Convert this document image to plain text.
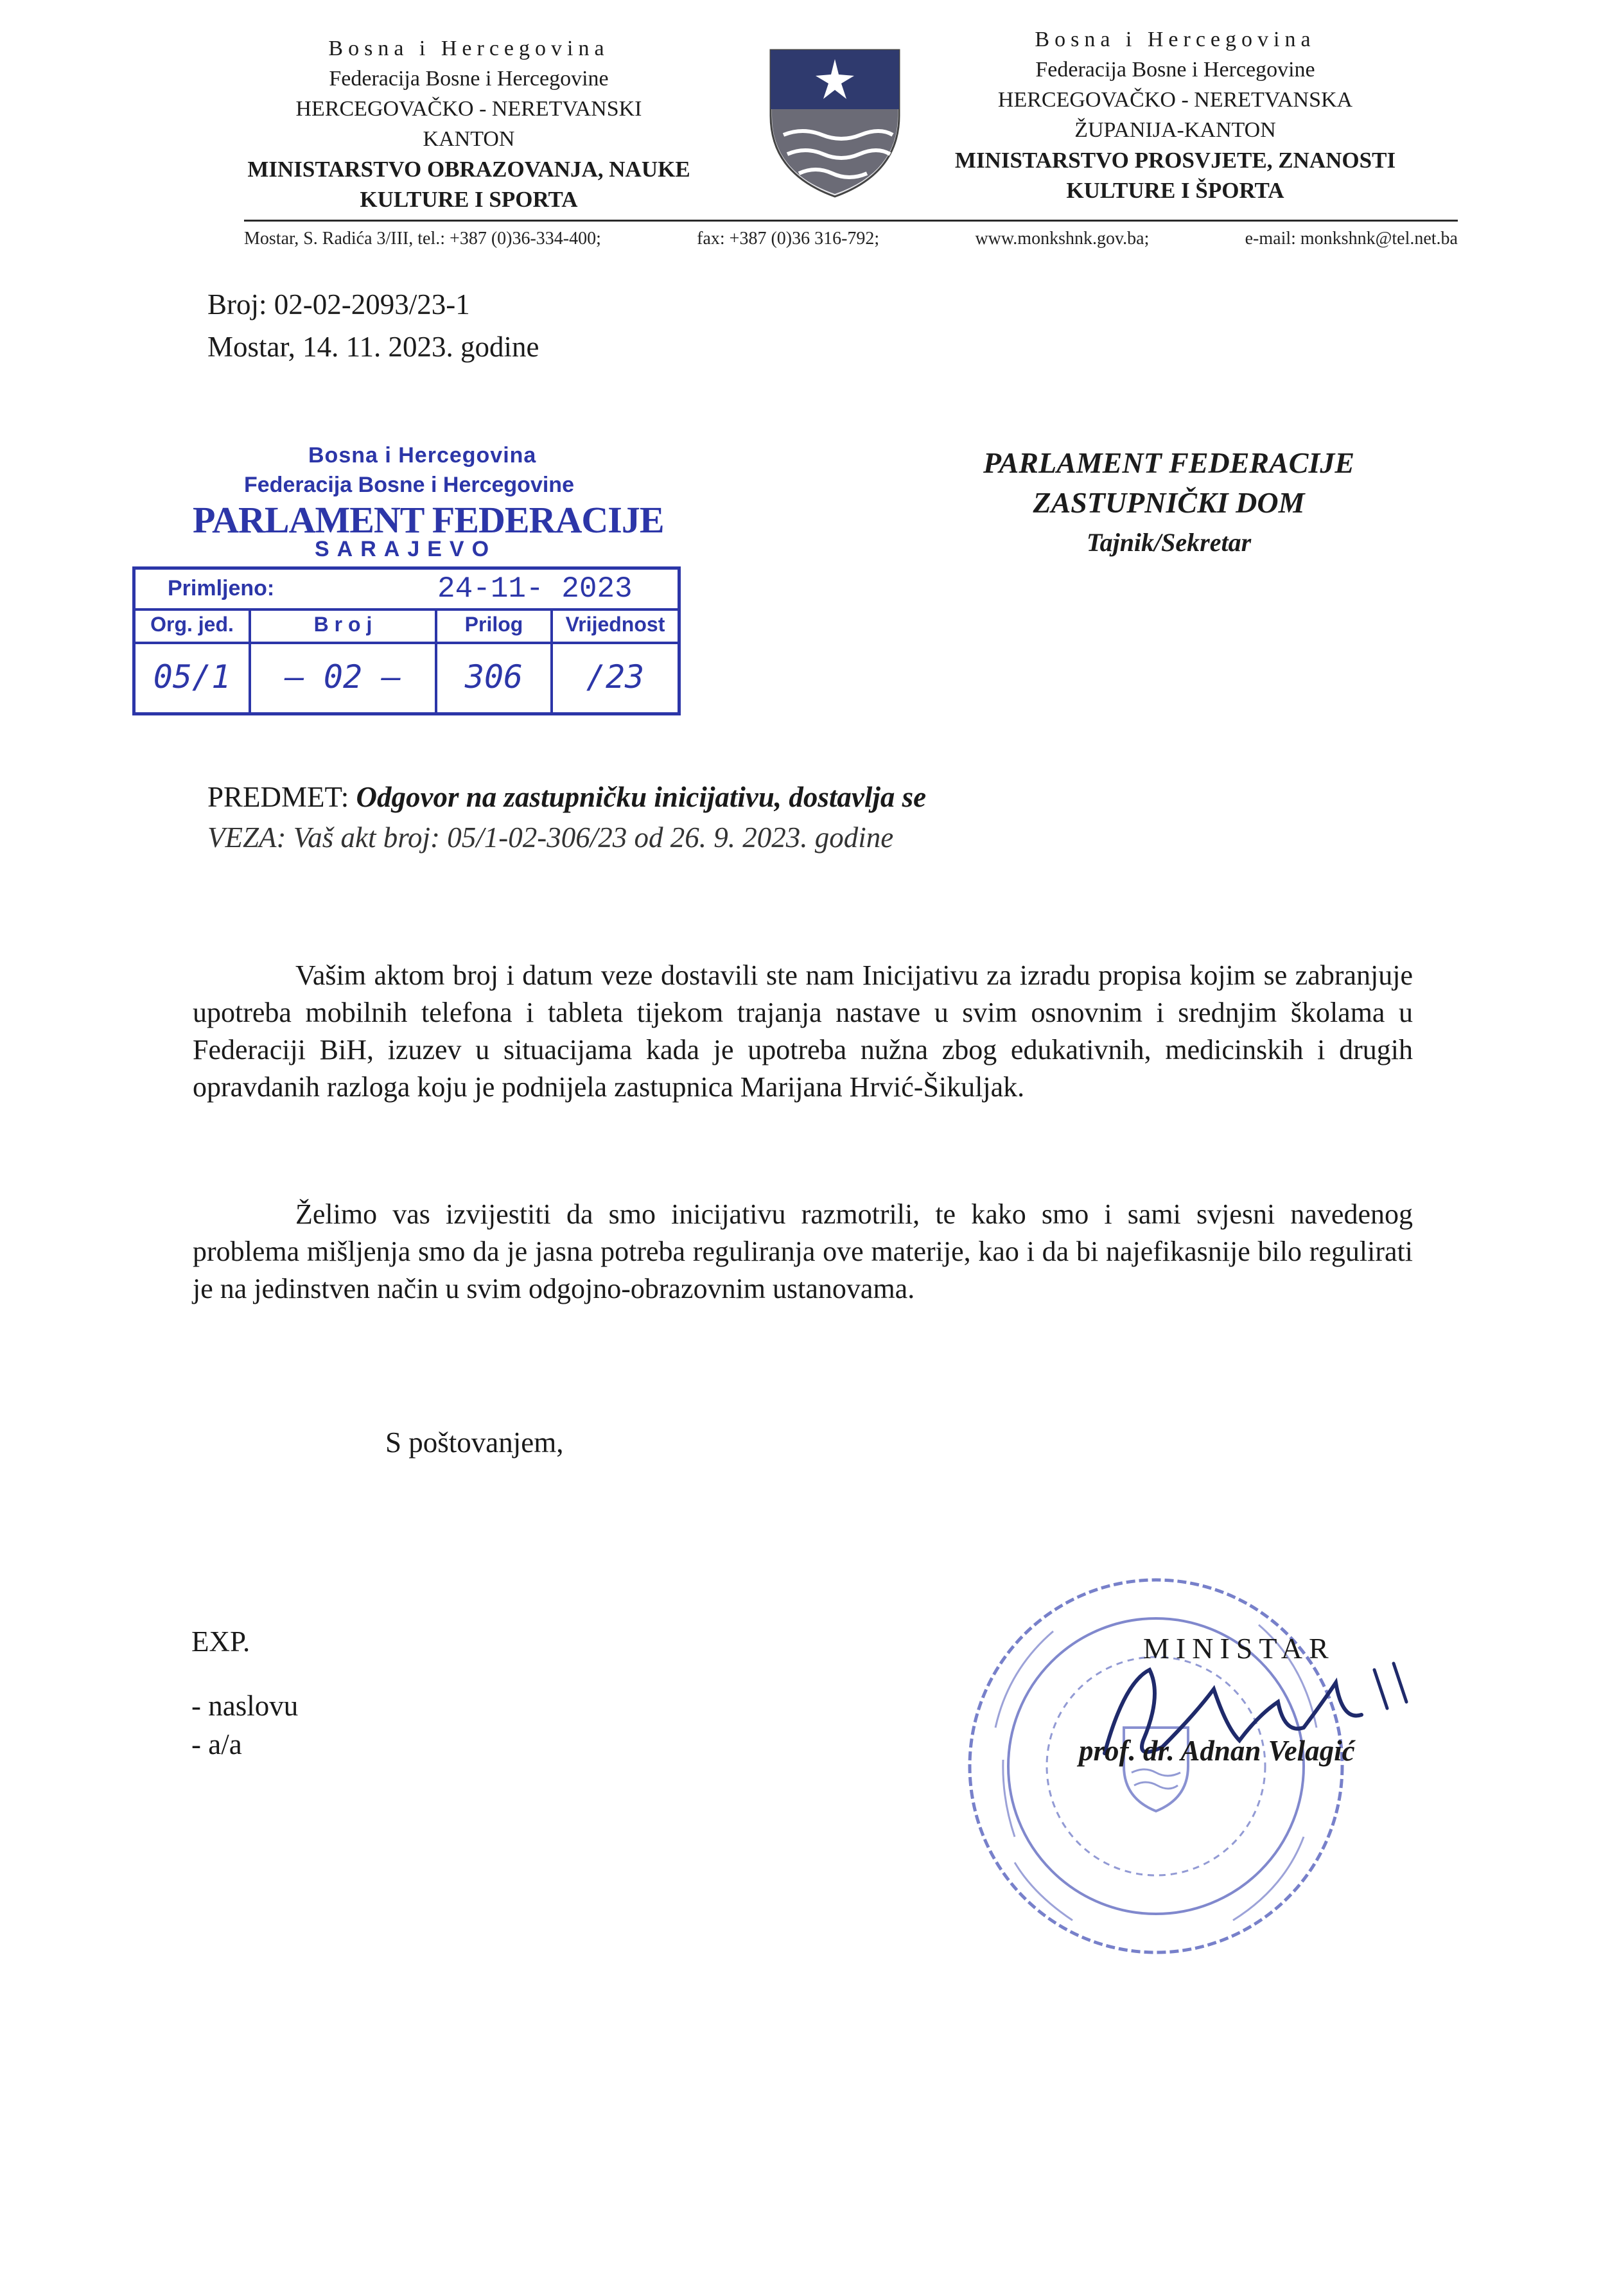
Bosna i Hercegovina
Federacija Bosne i Hercegovine
HERCEGOVAČKO - NERETVANSKI
KANTON
MINISTARSTVO OBRAZOVANJA, NAUKE
KULTURE I SPORTA
Bosna i Hercegovina
Federacija Bosne i Hercegovine
HERCEGOVAČKO - NERETVANSKA
ŽUPANIJA-KANTON
MINISTARSTVO PROSVJETE, ZNANOSTI
KULTURE I ŠPORTA
Mostar, S. Radića 3/III, tel.: +387 (0)36-334-400;	fax: +387 (0)36 316-792;	www.monkshnk.gov.ba;	e-mail: monkshnk@tel.net.ba
Broj: 02-02-2093/23-1
Mostar, 14. 11. 2023. godine
Bosna i Hercegovina
Federacija Bosne i Hercegovine
PARLAMENT FEDERACIJE
SARAJEVO
Primljeno:	24-11- 2023
Org. jed.	B r o j	Prilog	Vrijednost
05/1	– 02 –	306	/23
PARLAMENT FEDERACIJE
ZASTUPNIČKI DOM
Tajnik/Sekretar
PREDMET: Odgovor na zastupničku inicijativu, dostavlja se
VEZA: Vaš akt broj: 05/1-02-306/23 od 26. 9. 2023. godine
Vašim aktom broj i datum veze dostavili ste nam Inicijativu za izradu propisa kojim se zabranjuje upotreba mobilnih telefona i tableta tijekom trajanja nastave u svim osnovnim i srednjim školama u Federaciji BiH, izuzev u situacijama kada je upotreba nužna zbog edukativnih, medicinskih i drugih opravdanih razloga koju je podnijela zastupnica Marijana Hrvić-Šikuljak.
Želimo vas izvijestiti da smo inicijativu razmotrili, te kako smo i sami svjesni navedenog problema mišljenja smo da je jasna potreba reguliranja ove materije, kao i da bi najefikasnije bilo regulirati je na jedinstven način u svim odgojno-obrazovnim ustanovama.
S poštovanjem,
EXP.
- naslovu
- a/a
MINISTAR
prof. dr. Adnan Velagić
